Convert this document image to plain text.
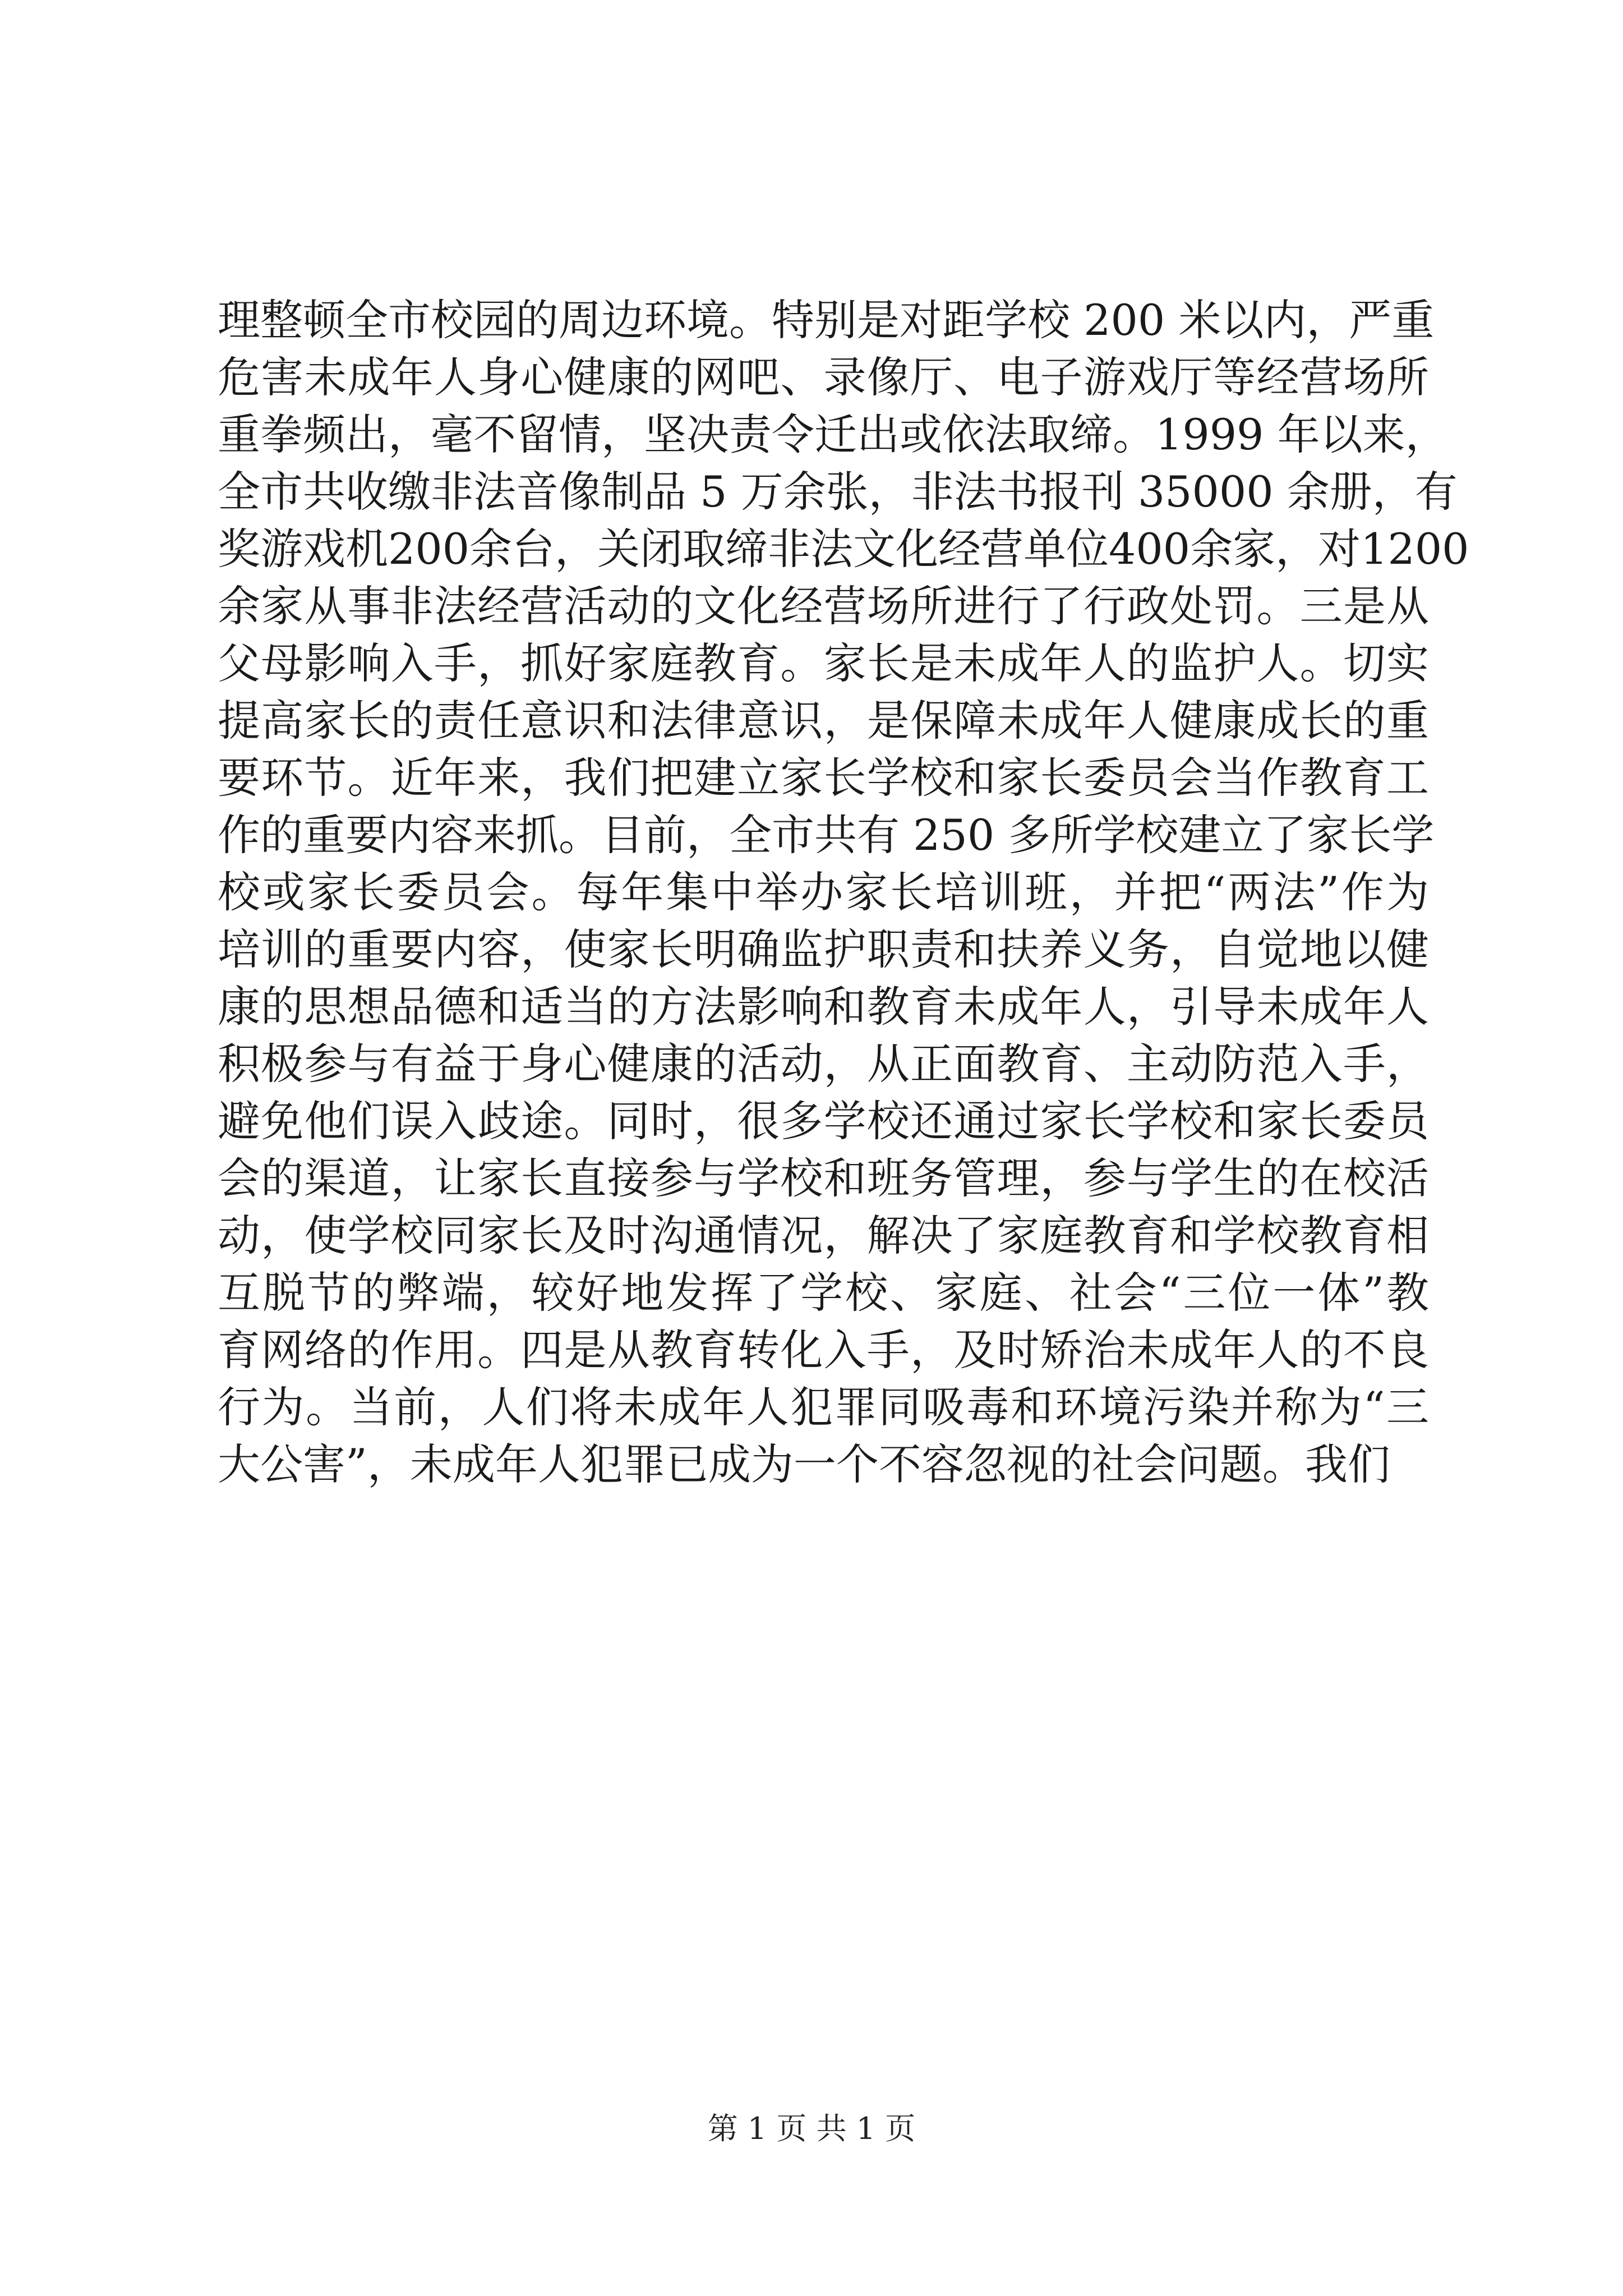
理整顿全市校园的周边环境。特别是对距学校 200 米以内，严重
危害未成年人身心健康的网吧、录像厅、电子游戏厅等经营场所
重拳频出，毫不留情，坚决责令迁出或依法取缔。1999 年以来，
全市共收缴非法音像制品 5 万余张，非法书报刊 35000 余册，有
奖游戏机200余台，关闭取缔非法文化经营单位400余家，对1200
余家从事非法经营活动的文化经营场所进行了行政处罚。三是从
父母影响入手，抓好家庭教育。家长是未成年人的监护人。切实
提高家长的责任意识和法律意识，是保障未成年人健康成长的重
要环节。近年来，我们把建立家长学校和家长委员会当作教育工
作的重要内容来抓。目前，全市共有 250 多所学校建立了家长学
校或家长委员会。每年集中举办家长培训班，并把“两法”作为
培训的重要内容，使家长明确监护职责和扶养义务，自觉地以健
康的思想品德和适当的方法影响和教育未成年人，引导未成年人
积极参与有益于身心健康的活动，从正面教育、主动防范入手，
避免他们误入歧途。同时，很多学校还通过家长学校和家长委员
会的渠道，让家长直接参与学校和班务管理，参与学生的在校活
动，使学校同家长及时沟通情况，解决了家庭教育和学校教育相
互脱节的弊端，较好地发挥了学校、家庭、社会“三位一体”教
育网络的作用。四是从教育转化入手，及时矫治未成年人的不良
行为。当前，人们将未成年人犯罪同吸毒和环境污染并称为“三
大公害”，未成年人犯罪已成为一个不容忽视的社会问题。我们
第 1 页 共 1 页
